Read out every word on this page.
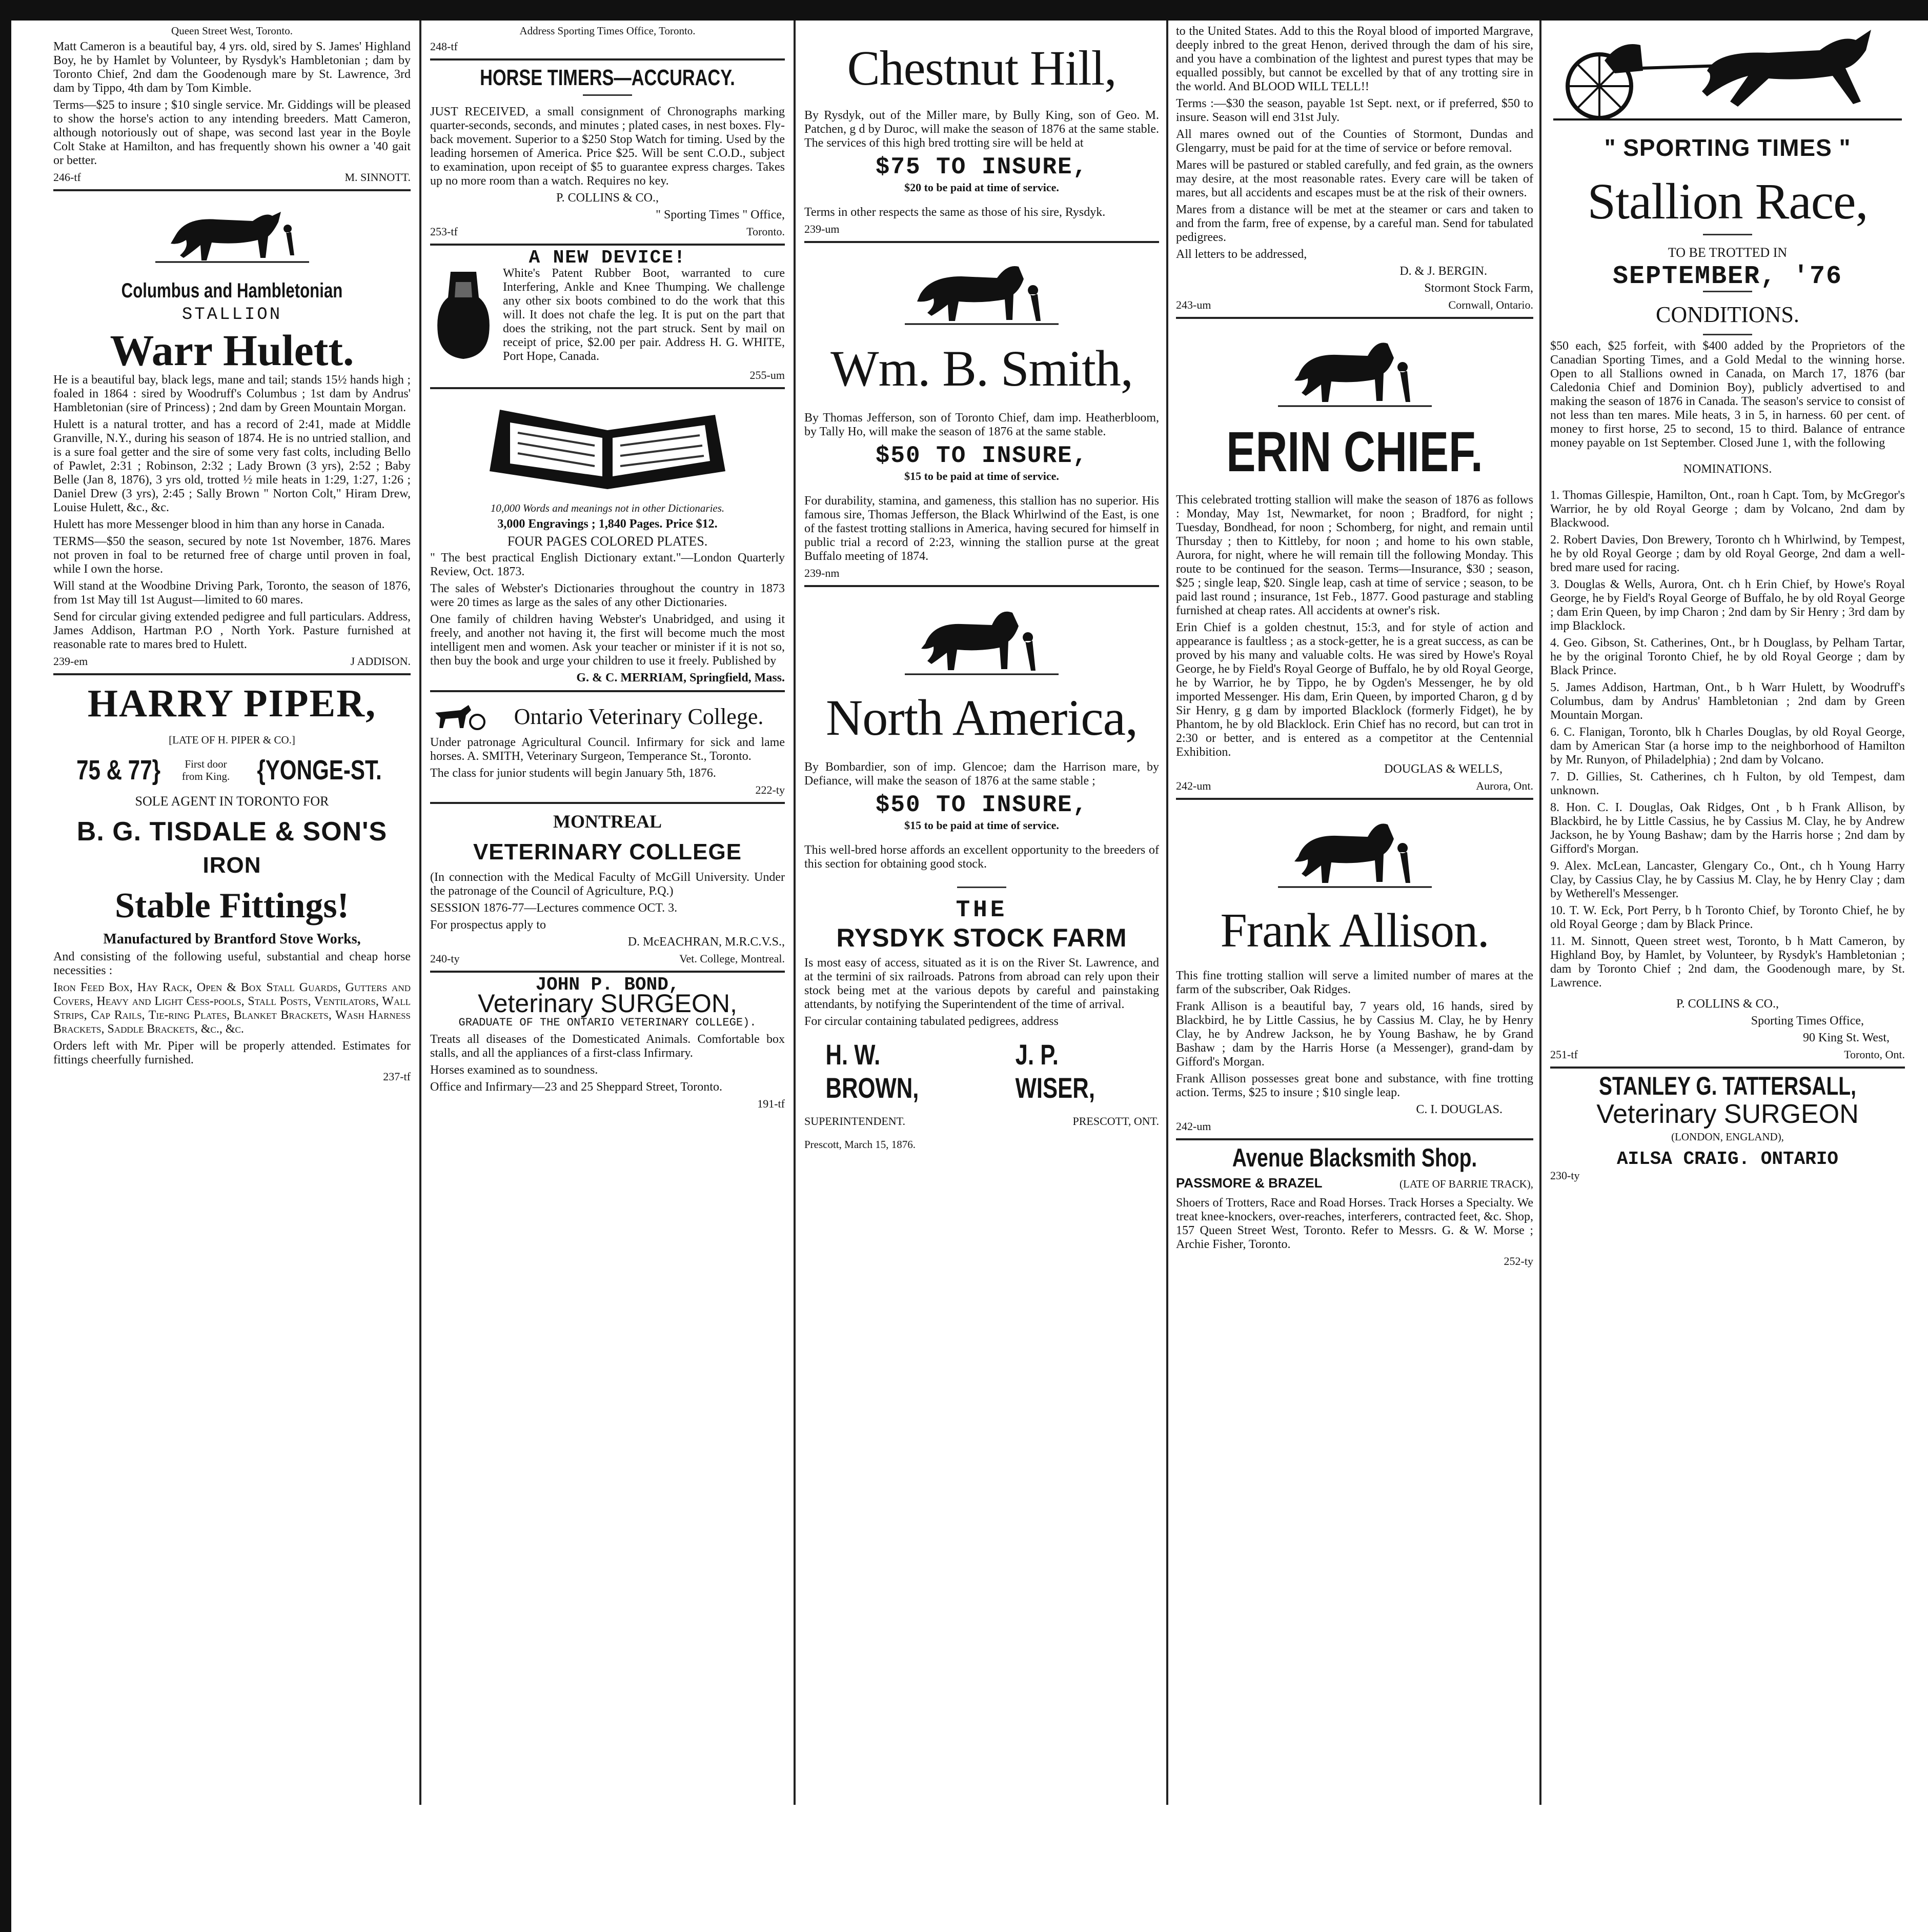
Queen Street West, Toronto.

Matt Cameron is a beautiful bay, 4 yrs. old, sired by S. James' Highland Boy, he by Hamlet by Volunteer, by Rysdyk's Hambletonian ; dam by Toronto Chief, 2nd dam the Goodenough mare by St. Lawrence, 3rd dam by Tippo, 4th dam by Tom Kimble.

Terms—$25 to insure ; $10 single service. Mr. Giddings will be pleased to show the horse's action to any intending breeders. Matt Cameron, although notoriously out of shape, was second last year in the Boyle Colt Stake at Hamilton, and has frequently shown his owner a '40 gait or better.

246-tf	M. SINNOTT.

Columbus and Hambletonian

STALLION

Warr Hulett.

He is a beautiful bay, black legs, mane and tail; stands 15½ hands high ; foaled in 1864 : sired by Woodruff's Columbus ; 1st dam by Andrus' Hambletonian (sire of Princess) ; 2nd dam by Green Mountain Morgan.

Hulett is a natural trotter, and has a record of 2:41, made at Middle Granville, N.Y., during his season of 1874. He is no untried stallion, and is a sure foal getter and the sire of some very fast colts, including Bello of Pawlet, 2:31 ; Robinson, 2:32 ; Lady Brown (3 yrs), 2:52 ; Baby Belle (Jan 8, 1876), 3 yrs old, trotted ½ mile heats in 1:29, 1:27, 1:26 ; Daniel Drew (3 yrs), 2:45 ; Sally Brown " Norton Colt," Hiram Drew, Louise Hulett, &c., &c.

Hulett has more Messenger blood in him than any horse in Canada.

TERMS—$50 the season, secured by note 1st November, 1876. Mares not proven in foal to be returned free of charge until proven in foal, while I own the horse.

Will stand at the Woodbine Driving Park, Toronto, the season of 1876, from 1st May till 1st August—limited to 60 mares.

Send for circular giving extended pedigree and full particulars. Address, James Addison, Hartman P.O , North York. Pasture furnished at reasonable rate to mares bred to Hulett.

239-em	J ADDISON.
HARRY PIPER,

[LATE OF H. PIPER & CO.]

75 & 77}	First door from King. {YONGE-ST.

SOLE AGENT IN TORONTO FOR

B. G. TISDALE & SON'S

IRON

Stable Fittings!

Manufactured by Brantford Stove Works,

And consisting of the following useful, substantial and cheap horse necessities :

Iron Feed Box, Hay Rack, Open & Box Stall Guards, Gutters and Covers, Heavy and Light Cess-pools, Stall Posts, Ventilators, Wall Strips, Cap Rails, Tie-ring Plates, Blanket Brackets, Wash Harness Brackets, Saddle Brackets, &c., &c.

Orders left with Mr. Piper will be properly attended. Estimates for fittings cheerfully furnished.

237-tf

Address Sporting Times Office, Toronto.

248-tf

HORSE TIMERS—ACCURACY.

JUST RECEIVED, a small consignment of Chronographs marking quarter-seconds, seconds, and minutes ; plated cases, in nest boxes. Fly-back movement. Superior to a $250 Stop Watch for timing. Used by the leading horsemen of America. Price $25. Will be sent C.O.D., subject to examination, upon receipt of $5 to guarantee express charges. Takes up no more room than a watch. Requires no key.

P. COLLINS & CO.,

" Sporting Times " Office,

253-tf	Toronto.

A NEW DEVICE!

White's Patent Rubber Boot, warranted to cure Interfering, Ankle and Knee Thumping. We challenge any other six boots combined to do the work that this will. It does not chafe the leg. It is put on the part that does the striking, not the part struck. Sent by mail on receipt of price, $2.00 per pair. Address H. G. WHITE, Port Hope, Canada.

255-um

10,000 Words and meanings not in other Dictionaries.

3,000 Engravings ; 1,840 Pages. Price $12.

FOUR PAGES COLORED PLATES.

" The best practical English Dictionary extant."—London Quarterly Review, Oct. 1873.

The sales of Webster's Dictionaries throughout the country in 1873 were 20 times as large as the sales of any other Dictionaries.

One family of children having Webster's Unabridged, and using it freely, and another not having it, the first will become much the most intelligent men and women. Ask your teacher or minister if it is not so, then buy the book and urge your children to use it freely. Published by

G. & C. MERRIAM, Springfield, Mass.

Ontario Veterinary College.

Under patronage Agricultural Council. Infirmary for sick and lame horses. A. SMITH, Veterinary Surgeon, Temperance St., Toronto.

The class for junior students will begin January 5th, 1876.

222-ty

MONTREAL

VETERINARY COLLEGE

(In connection with the Medical Faculty of McGill University. Under the patronage of the Council of Agriculture, P.Q.)

SESSION 1876-77—Lectures commence OCT. 3.

For prospectus apply to

D. McEACHRAN, M.R.C.V.S.,

240-ty	Vet. College, Montreal.

JOHN P. BOND,

Veterinary SURGEON,

GRADUATE OF THE ONTARIO VETERINARY COLLEGE).

Treats all diseases of the Domesticated Animals. Comfortable box stalls, and all the appliances of a first-class Infirmary.

Horses examined as to soundness.

Office and Infirmary—23 and 25 Sheppard Street, Toronto.

191-tf
Chestnut Hill,

By Rysdyk, out of the Miller mare, by Bully King, son of Geo. M. Patchen, g d by Duroc, will make the season of 1876 at the same stable. The services of this high bred trotting sire will be held at

$75 TO INSURE,

$20 to be paid at time of service.

Terms in other respects the same as those of his sire, Rysdyk.

239-um
Wm. B. Smith,

By Thomas Jefferson, son of Toronto Chief, dam imp. Heatherbloom, by Tally Ho, will make the season of 1876 at the same stable.

$50 TO INSURE,

$15 to be paid at time of service.

For durability, stamina, and gameness, this stallion has no superior. His famous sire, Thomas Jefferson, the Black Whirlwind of the East, is one of the fastest trotting stallions in America, having secured for himself in public trial a record of 2:23, winning the stallion purse at the great Buffalo meeting of 1874.

239-nm
North America,

By Bombardier, son of imp. Glencoe; dam the Harrison mare, by Defiance, will make the season of 1876 at the same stable ;

$50 TO INSURE,

$15 to be paid at time of service.

This well-bred horse affords an excellent opportunity to the breeders of this section for obtaining good stock.

THE

RYSDYK STOCK FARM

Is most easy of access, situated as it is on the River St. Lawrence, and at the termini of six railroads. Patrons from abroad can rely upon their stock being met at the various depots by careful and painstaking attendants, by notifying the Superintendent of the time of arrival.

For circular containing tabulated pedigrees, address

H. W. BROWN,
J. P. WISER,
SUPERINTENDENT.	PRESCOTT, ONT.

Prescott, March 15, 1876.

to the United States. Add to this the Royal blood of imported Margrave, deeply inbred to the great Henon, derived through the dam of his sire, and you have a combination of the lightest and purest types that may be equalled possibly, but cannot be excelled by that of any trotting sire in the world. And BLOOD WILL TELL!!

Terms :—$30 the season, payable 1st Sept. next, or if preferred, $50 to insure. Season will end 31st July.

All mares owned out of the Counties of Stormont, Dundas and Glengarry, must be paid for at the time of service or before removal.

Mares will be pastured or stabled carefully, and fed grain, as the owners may desire, at the most reasonable rates. Every care will be taken of mares, but all accidents and escapes must be at the risk of their owners.

Mares from a distance will be met at the steamer or cars and taken to and from the farm, free of expense, by a careful man. Send for tabulated pedigrees.

All letters to be addressed,

D. & J. BERGIN.

Stormont Stock Farm,

243-um	Cornwall, Ontario.
ERIN CHIEF.

This celebrated trotting stallion will make the season of 1876 as follows : Monday, May 1st, Newmarket, for noon ; Bradford, for night ; Tuesday, Bondhead, for noon ; Schomberg, for night, and remain until Thursday ; then to Kittleby, for noon ; and home to his own stable, Aurora, for night, where he will remain till the following Monday. This route to be continued for the season. Terms—Insurance, $30 ; season, $25 ; single leap, $20. Single leap, cash at time of service ; season, to be paid last round ; insurance, 1st Feb., 1877. Good pasturage and stabling furnished at cheap rates. All accidents at owner's risk.

Erin Chief is a golden chestnut, 15:3, and for style of action and appearance is faultless ; as a stock-getter, he is a great success, as can be proved by his many and valuable colts. He was sired by Howe's Royal George, he by Field's Royal George of Buffalo, he by old Royal George, he by Warrior, he by Tippo, he by Ogden's Messenger, he by old imported Messenger. His dam, Erin Queen, by imported Charon, g d by Sir Henry, g g dam by imported Blacklock (formerly Fidget), he by Phantom, he by old Blacklock. Erin Chief has no record, but can trot in 2:30 or better, and is entered as a competitor at the Centennial Exhibition.

DOUGLAS & WELLS,

242-um	Aurora, Ont.
Frank Allison.

This fine trotting stallion will serve a limited number of mares at the farm of the subscriber, Oak Ridges.

Frank Allison is a beautiful bay, 7 years old, 16 hands, sired by Blackbird, he by Little Cassius, he by Cassius M. Clay, he by Henry Clay, he by Andrew Jackson, he by Young Bashaw, he by Grand Bashaw ; dam by the Harris Horse (a Messenger), grand-dam by Gifford's Morgan.

Frank Allison possesses great bone and substance, with fine trotting action. Terms, $25 to insure ; $10 single leap.

C. I. DOUGLAS.

242-um

Avenue Blacksmith Shop.

PASSMORE & BRAZEL	(LATE OF BARRIE TRACK),

Shoers of Trotters, Race and Road Horses. Track Horses a Specialty. We treat knee-knockers, over-reaches, interferers, contracted feet, &c. Shop, 157 Queen Street West, Toronto. Refer to Messrs. G. & W. Morse ; Archie Fisher, Toronto.

252-ty

" SPORTING TIMES "

Stallion Race,

TO BE TROTTED IN

SEPTEMBER, '76

CONDITIONS.

$50 each, $25 forfeit, with $400 added by the Proprietors of the Canadian Sporting Times, and a Gold Medal to the winning horse. Open to all Stallions owned in Canada, on March 17, 1876 (bar Caledonia Chief and Dominion Boy), publicly advertised to and making the season of 1876 in Canada. The season's service to consist of not less than ten mares. Mile heats, 3 in 5, in harness. 60 per cent. of money to first horse, 25 to second, 15 to third. Balance of entrance money payable on 1st September. Closed June 1, with the following

NOMINATIONS.

1. Thomas Gillespie, Hamilton, Ont., roan h Capt. Tom, by McGregor's Warrior, he by old Royal George ; dam by Volcano, 2nd dam by Blackwood.

2. Robert Davies, Don Brewery, Toronto ch h Whirlwind, by Tempest, he by old Royal George ; dam by old Royal George, 2nd dam a well-bred mare used for racing.

3. Douglas & Wells, Aurora, Ont. ch h Erin Chief, by Howe's Royal George, he by Field's Royal George of Buffalo, he by old Royal George ; dam Erin Queen, by imp Charon ; 2nd dam by Sir Henry ; 3rd dam by imp Blacklock.

4. Geo. Gibson, St. Catherines, Ont., br h Douglass, by Pelham Tartar, he by the original Toronto Chief, he by old Royal George ; dam by Black Prince.

5. James Addison, Hartman, Ont., b h Warr Hulett, by Woodruff's Columbus, dam by Andrus' Hambletonian ; 2nd dam by Green Mountain Morgan.

6. C. Flanigan, Toronto, blk h Charles Douglas, by old Royal George, dam by American Star (a horse imp to the neighborhood of Hamilton by Mr. Runyon, of Philadelphia) ; 2nd dam by Volcano.

7. D. Gillies, St. Catherines, ch h Fulton, by old Tempest, dam unknown.

8. Hon. C. I. Douglas, Oak Ridges, Ont , b h Frank Allison, by Blackbird, he by Little Cassius, he by Cassius M. Clay, he by Andrew Jackson, he by Young Bashaw; dam by the Harris horse ; 2nd dam by Gifford's Morgan.

9. Alex. McLean, Lancaster, Glengary Co., Ont., ch h Young Harry Clay, by Cassius Clay, he by Cassius M. Clay, he by Henry Clay ; dam by Wetherell's Messenger.

10. T. W. Eck, Port Perry, b h Toronto Chief, by Toronto Chief, he by old Royal George ; dam by Black Prince.

11. M. Sinnott, Queen street west, Toronto, b h Matt Cameron, by Highland Boy, by Hamlet, by Volunteer, by Rysdyk's Hambletonian ; dam by Toronto Chief ; 2nd dam, the Goodenough mare, by St. Lawrence.

P. COLLINS & CO.,

Sporting Times Office,

90 King St. West,

251-tf	Toronto, Ont.

STANLEY G. TATTERSALL,

Veterinary SURGEON

(LONDON, ENGLAND),

AILSA CRAIG. ONTARIO

230-ty
